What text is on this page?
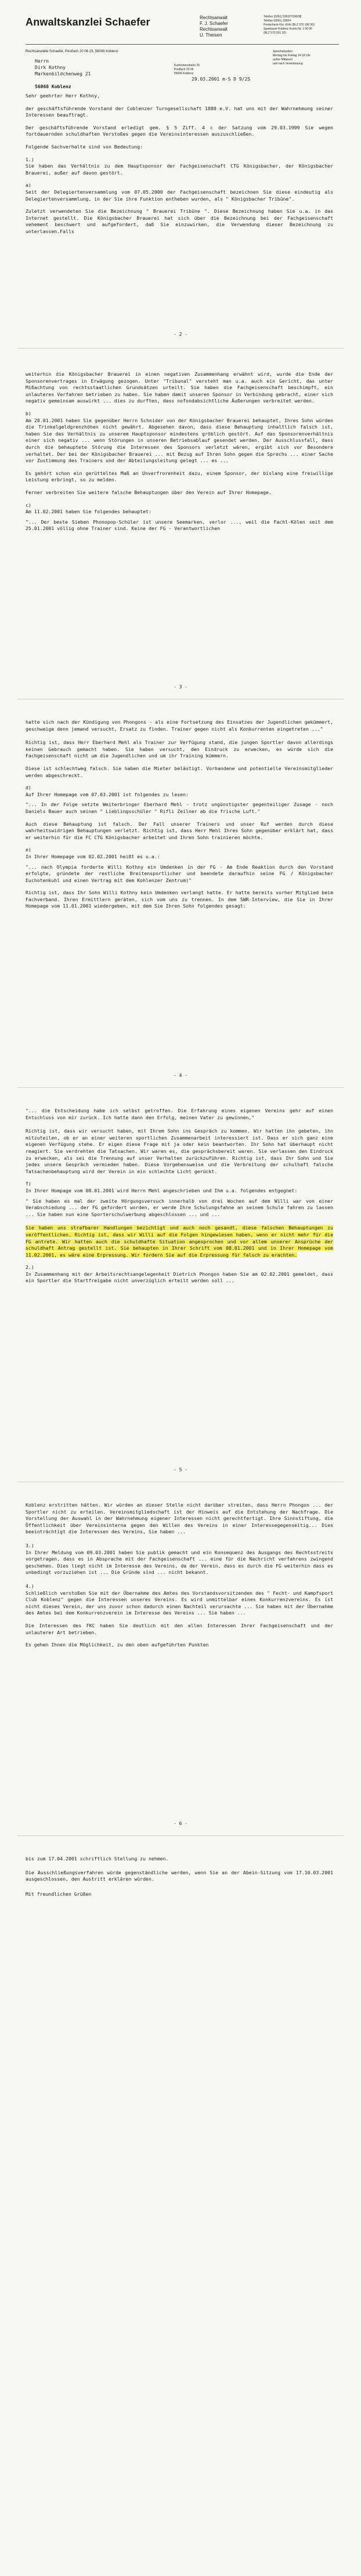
Anwaltskanzlei Schaefer	Rechtsanwalt
F. J. Schaefer
Rechtsanwalt
U. Theisen
Telefon (0261) 5363/7/390/38
Telefax (0261) 33934
Postscheck-Kto: Köln (BLZ 370 100 50)
Sparkasse Koblenz Konto-Nr. 1 00 00
(BLZ 570 501 20)
Rechtsanwälte Schaefer, Postfach 20 06 23, 56006 Koblenz
Herrn
Dirk Kothny
Markenbildchenweg 21

56068 Koblenz
Kurfürstenstraße 25
Postfach 20 06
56006 Koblenz
Sprechstunden:
Montag bis Freitag 14-18 Uhr
außer Mittwoch
und nach Vereinbarung
29.03.2001 m-S D 9/2S

Sehr geehrter Herr Kothny,

der geschäftsführende Vorstand der Coblenzer Turngesellschaft 1880 e.V. hat uns mit der Wahrnehmung seiner Interessen beauftragt.

Der geschäftsführende Vorstand erledigt gem. § 5 Ziff. 4 c der Satzung vom 29.03.1999 Sie wegen fortdauernden schuldhaften Verstoßes gegen die Vereinsinteressen auszuschließen.

Folgende Sachverhalte sind von Bedeutung:

1.)

Sie haben das Verhältnis zu dem Hauptsponsor der Fachgeisenschaft CTG Königsbacher, der Königsbacher Brauerei, außer auf davon gestört.

a)

Seit der Delegiertenversammlung vom 07.05.2000 der Fachgeisenschaft bezeichnen Sie diese eindeutig als Delegiertenversammlung, in der Sie ihre Funktion entheben wurden, als " Königsbacher Tribüne".

Zuletzt verwendeten Sie die Bezeichnung " Brauerei Tribüne ". Diese Bezeichnung haben Sie u.a. in das Internet gestellt. Die Königsbacher Brauerei hat sich über die Bezeichnung bei der Fachgeisenschaft vehement beschwert und aufgefordert, daß Sie einzuwirken, die Verwendung dieser Bezeichnung zu unterlassen.Falls

- 2 -

weiterhin die Königsbacher Brauerei in einen negativen Zusammenhang erwähnt wird, wurde die Ende der Sponsorenvertrages in Erwägung gezogen. Unter "Tribunal" versteht man u.a. auch ein Gericht, das unter Mißachtung von rechtsstaatlichen Grundsätzen urteilt. Sie haben die Fachgeisenschaft beschimpft, ein unlauteres Verfahren betrieben zu haben. Sie haben damit unseren Sponsor in Verbindung gebracht, einer sich negativ gemeinsam auswirkt ... dies zu durften, dass nofondabsichtliche Äußerungen verbreitet werden.

b)

Am 28.01.2001 haben Sie gegenüber Herrn Schnider von der Königsbacher Brauerei behauptet, Ihres Sohn würden die Trinkelgeldgrenzhöhen nicht gewährt. Abgesehen davon, dass diese Behauptung inhaltlich falsch ist, haben Sie das Verhältnis zu unserem Hauptsponsor mindestens gröblich gestört. Auf das Sponsorenverhältnis einer sich negativ ... wenn Störungen in unseren Betriebsablauf gesendet werden. Der Ausschlussfall, dass durch die behauptete Störung die Interessen des Sponsors verletzt wären, ergibt sich vor Besondere verhaltet. Der bei der Königsbacher Brauerei ... mit Bezug auf Ihren Sohn gegen die Sprechs ... einer Sache vor Zustimmung des Trainers und der Abteilungsleitung gelegt ... es ...

Es gehört schon ein gerütteltes Maß an Unverfrorenheit dazu, einem Sponsor, der bislang eine freiwillige Leistung erbringt, so zu melden.

Ferner verbreiten Sie weitere falsche Behauptungen über den Verein auf Ihrer Homepage.

c)

Am 11.02.2001 haben Sie folgendes behauptet:

"... Der beste Sieben Phonopop-Schüler ist unsere Seemarken, verlor ..., weil die Fachl-Kölen seit dem 25.01.2001 völlig ohne Trainer sind. Keine der FG - Verantwortlichen

- 3 -

hatte sich nach der Kündigung von Phongons - als eine Fortsetzung des Einsatzes der Jugendlichen gekümmert, geschweige denn jemand versucht, Ersatz zu finden. Trainer gegen nicht als Konkurrenten eingetreten ..."

Richtig ist, dass Herr Eberhard Mehl als Trainer zur Verfügung stand, die jungen Sportler davon allerdings keinen Gebrauch gemacht haben. Sie haben versucht, den Eindruck zu erwecken, es würde sich die Fachgeisenschaft nicht um die Jugendlichen und um ihr Training kümmern.

Diese ist schlechtweg falsch. Sie haben die Mieter belästigt. Vorhandene und potentielle Vereinsmitglieder werden abgeschreckt.

d)

Auf Ihrer Homepage vom 07.03.2001 ist folgendes zu lesen:

"... In der Folge setzte Weiterbringer Eberhard Mehl - trotz ungünstigster gegenteiliger Zusage - noch Daniels Bauer auch seinen " Lieblingsschüler " Rifli Zeilner ab die frische Luft."

Auch diese Behauptung ist falsch. Der Fall unserer Trainers und unser Ruf werden durch diese wahrheitswidrigen Behauptungen verletzt. Richtig ist, dass Herr Mehl Ihres Sohn gegenüber erklärt hat, dass er weiterhin für die FC CTG Königsbacher arbeitet und Ihren Sohn trainieren möchte.

e)

In Ihrer Homepage vom 02.02.2001 heißt es u.a.:

"... nach Olympia forderte Willi Kothny ein Umdenken in der FG - Am Ende Reaktion durch den Vorstand erfolgte, gründete der restliche Breitensportlicher und beendete daraufhin seine FG / Königsbacher Euchotenkuhl und einen Vertrag mit dem Kohlenzer Zentrum)"

Richtig ist, dass Ihr Sohn Willi Kothny kein Umdenken verlangt hatte. Er hatte bereits vorher Mitglied beim Fachverband. Ihren Ermittlern geräten, sich vom uns zu trennen. In dem SWR-Interview, die Sie in Ihrer Homepage vom 11.01.2001 wiedergeben, mit dem Sie Ihren Sohn folgendes gesagt:

- 4 -

"... die Entscheidung habe ich selbst getroffen. Die Erfahrung eines eigenen Vereins gehr auf einen Entschluss von mir zurück. Ich hatte dann den Erfolg, meinen Vater zu gewinnen,"

Richtig ist, dass wir versucht haben, mit Ihrem Sohn ins Gespräch zu kommen. Wir hatten ihn gebeten, ihn mitzuteilen, ob er an einer weiteren sportlichen Zusammenarbeit interessiert ist. Dass er sich ganz eine eigenen Verfügung stehe. Er eigen diese Frage mit ja oder kein beantworten. Ihr Sohn hat überhaupt nicht reagiert. Sie verdrehten die Tatsachen. Wir waren es, die gesprächsbereit waren. Sie verlassen den Eindruck zu erwecken, als sei die Trennung auf unser Verhalten zurückzuführen. Richtig ist, dass Ihr Sohn und Sie jedes unsere Gespräch vermieden haben. Diese Vorgehensweise und die Verbreitung der schulhaft falsche Tatsachenbehauptung wird der Verein in ein schlechte Licht gerückt.

f)

In Ihrer Hompage vom 08.01.2001 wird Herrn Mehl angeschrieben und Ihm u.a. folgendes entgegnet:

" Sie haben es mal der zweite Hörgungsversuch innerhalb von drei Wochen auf dem Willi war von einer Verabschiedung ... der FG gefordert worden, er werde Ihre Schulungsfahne an seinem Schule fahren zu lassen ... Sie haben nun eine Sporterschulwerbung abgeschlossen ... und ...

Sie haben uns strafbarer Handlungen bezichtigt und auch noch gesandt, diese falschen Behauptungen zu veröffentlichen. Richtig ist, dass wir Willi auf die Folgen hingewiesen haben, wenn er nicht mehr für die FG antrete. Wir hatten auch die schuldhafte Situation angesprochen und vor allem unserer Ansprüche der schuldhaft Antrag gestellt ist. Sie behaupten in Ihrer Schrift vom 08.01.2001 und in Ihrer Homepage vom 11.02.2001, es wäre eine Erpressung. Wir fordern Sie auf die Erpressung für falsch zu erachten.

2.)

In Zusammenhang mit der Arbeitsrechtsangelegenheit Dietrich Phongon haben Sie am 02.02.2001 gemeldet, dass ein Sportler die Startfreigabe nicht unverzüglich erteilt werden soll ...

- 5 -

Koblenz erstritten hätten. Wir würden an dieser Stelle nicht darüber streiten, dass Herrn Phongon ... der Sportler nicht zu erteilen. Vereinsmitgliedschaft ist der Hinweis auf die Entstehung der Nachfrage. Die Vorstellung der Auswahl in der Wahrnehmung eigener Interessen nicht gerechtfertigt. Ihre Sinnstiftung, die Öffentlichkeit über Vereinsinterna gegen den Willen des Vereins in einer Interessegegenseitig... Dies beeinträchtigt die Interessen des Vereins, Sie haben ...

3.)

In Ihrer Meldung vom 09.03.2001 haben Sie publik gemacht und ein Konsequenz des Ausgangs des Rechtsstreits vorgetragen, dass es in Absprache mit der Fachgeisenschaft ... eine für die Nachricht verfahrens zwingend geschehen. Dies liegt nicht im Interesse des Vereins, da der Verein, dass es durch die FG weiterhin dass es unbedingt vorzuziehen ist ... Die Gründe sind ... nicht bekannt.

4.)

Schließlich verstoßen Sie mit der Übernahme des Amtes des Vorstandsvorsitzenden des " Fecht- und Kampfsport Club Koblenz" gegen die Interessen unseres Vereins. Es wird unmittelbar eines Konkurrenzvereins. Es ist nicht dieses Verein, der uns zuvor schon dadurch einen Nachteil verursachte ... Sie haben mit der Übernahme des Amtes bei dem Konkurrenzverein im Interesse des Vereins ... Sie haben ...

Die Interessen des FKC haben Sie deutlich mit den allen Interessen Ihrer Fachgeisenschaft und der unlauterer Art betrieben.

Es gehen Ihnen die Möglichkeit, zu den oben aufgeführten Punkten

- 6 -

bis zum 17.04.2001 schriftlich Stellung zu nehmen.

Die Ausschließungsverfahren würde gegenständliche werden, wenn Sie an der Abein-Sitzung vom 17.10.03.2001 ausgeschlossen, den Austritt erklären würden.

Mit freundlichen Grüßen
